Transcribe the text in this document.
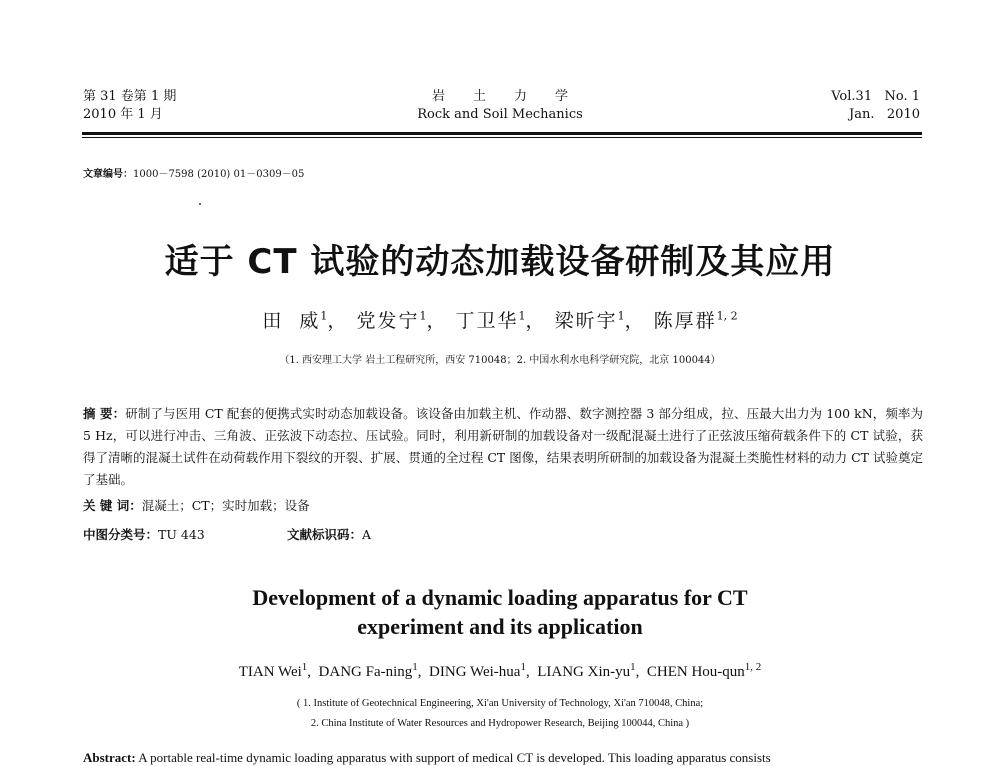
第 31 卷第 1 期
2010 年 1 月
岩土力学
Rock and Soil Mechanics
Vol.31   No. 1
Jan.   2010
文章编号：1000－7598 (2010) 01－0309－05
适于 CT 试验的动态加载设备研制及其应用
田  威$^1$， 党发宁$^1$， 丁卫华$^1$， 梁昕宇$^1$， 陈厚群$^{1, 2}$
（1. 西安理工大学 岩土工程研究所，西安 710048；2. 中国水利水电科学研究院，北京 100044）
摘 要：研制了与医用 CT 配套的便携式实时动态加载设备。该设备由加载主机、作动器、数字测控器 3 部分组成，拉、压最大出力为 100 kN，频率为 5 Hz，可以进行冲击、三角波、正弦波下动态拉、压试验。同时，利用新研制的加载设备对一级配混凝土进行了正弦波压缩荷载条件下的 CT 试验，获得了清晰的混凝土试件在动荷载作用下裂纹的开裂、扩展、贯通的全过程 CT 图像，结果表明所研制的加载设备为混凝土类脆性材料的动力 CT 试验奠定了基础。
关 键 词：混凝土；CT；实时加载；设备
中图分类号：TU 443	文献标识码：A
Development of a dynamic loading apparatus for CT
experiment and its application
TIAN Wei$^1$,  DANG Fa-ning$^1$,  DING Wei-hua$^1$,  LIANG Xin-$yu^1$,  CHEN Hou-qun$^{1, 2}$
( 1. Institute of Geotechnical Engineering, Xi'an University of Technology, Xi'an 710048, China;
2. China Institute of Water Resources and Hydropower Research, Beijing 100044, China )
Abstract: A portable real-time dynamic loading apparatus with support of medical CT is developed. This loading apparatus consists
